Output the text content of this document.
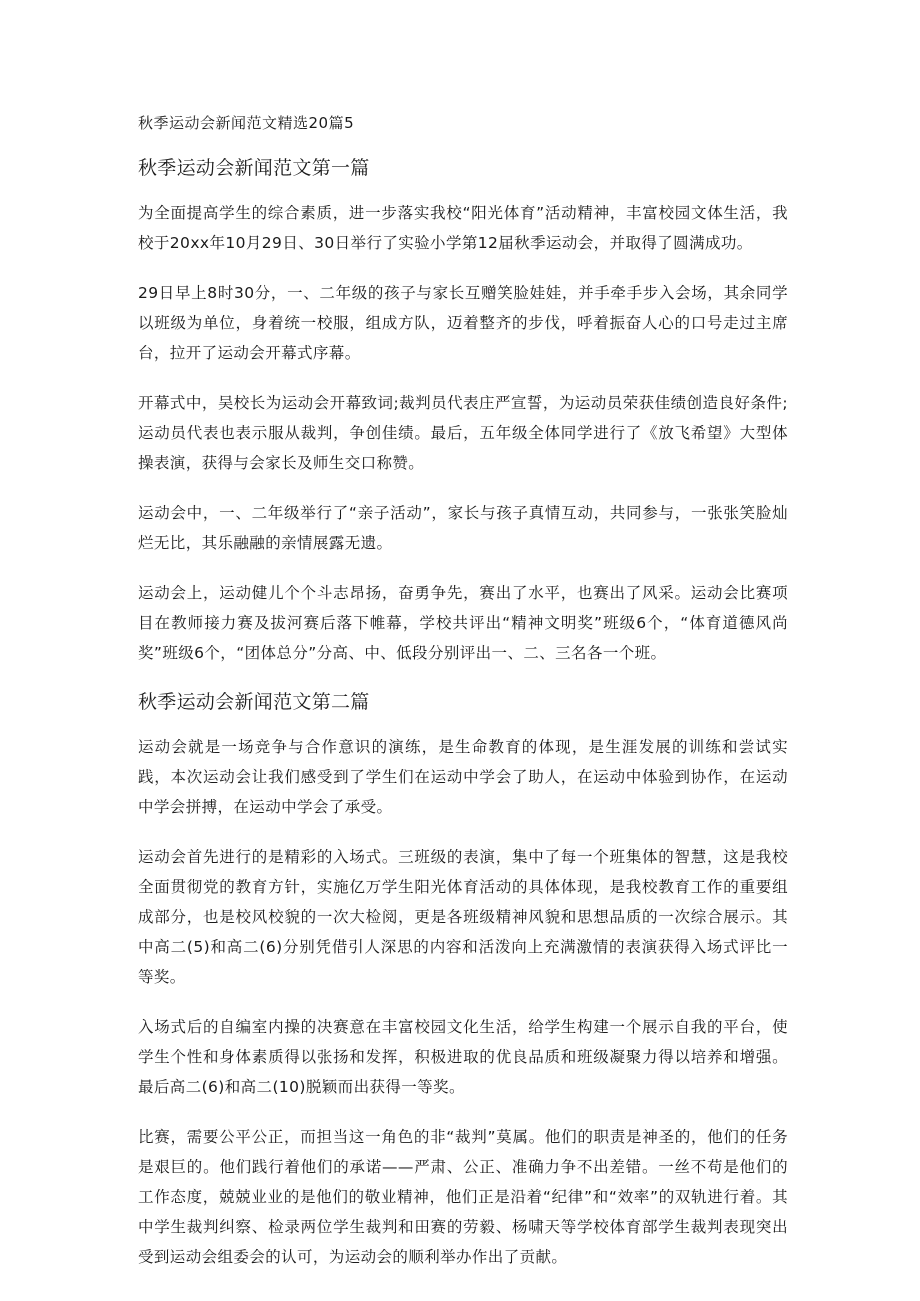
秋季运动会新闻范文精选20篇5
秋季运动会新闻范文第一篇

为全面提高学生的综合素质，进一步落实我校“阳光体育”活动精神，丰富校园文体生活，我校于20xx年10月29日、30日举行了实验小学第12届秋季运动会，并取得了圆满成功。

29日早上8时30分，一、二年级的孩子与家长互赠笑脸娃娃，并手牵手步入会场，其余同学以班级为单位，身着统一校服，组成方队，迈着整齐的步伐，呼着振奋人心的口号走过主席台，拉开了运动会开幕式序幕。

开幕式中，吴校长为运动会开幕致词;裁判员代表庄严宣誓，为运动员荣获佳绩创造良好条件;运动员代表也表示服从裁判，争创佳绩。最后，五年级全体同学进行了《放飞希望》大型体操表演，获得与会家长及师生交口称赞。

运动会中，一、二年级举行了“亲子活动”，家长与孩子真情互动，共同参与，一张张笑脸灿烂无比，其乐融融的亲情展露无遗。

运动会上，运动健儿个个斗志昂扬，奋勇争先，赛出了水平，也赛出了风采。运动会比赛项目在教师接力赛及拔河赛后落下帷幕，学校共评出“精神文明奖”班级6个，“体育道德风尚奖”班级6个，“团体总分”分高、中、低段分别评出一、二、三名各一个班。

秋季运动会新闻范文第二篇

运动会就是一场竞争与合作意识的演练，是生命教育的体现，是生涯发展的训练和尝试实践，本次运动会让我们感受到了学生们在运动中学会了助人，在运动中体验到协作，在运动中学会拼搏，在运动中学会了承受。

运动会首先进行的是精彩的入场式。三班级的表演，集中了每一个班集体的智慧，这是我校全面贯彻党的教育方针，实施亿万学生阳光体育活动的具体体现，是我校教育工作的重要组成部分，也是校风校貌的一次大检阅，更是各班级精神风貌和思想品质的一次综合展示。其中高二(5)和高二(6)分别凭借引人深思的内容和活泼向上充满激情的表演获得入场式评比一等奖。

入场式后的自编室内操的决赛意在丰富校园文化生活，给学生构建一个展示自我的平台，使学生个性和身体素质得以张扬和发挥，积极进取的优良品质和班级凝聚力得以培养和增强。最后高二(6)和高二(10)脱颖而出获得一等奖。

比赛，需要公平公正，而担当这一角色的非“裁判”莫属。他们的职责是神圣的，他们的任务是艰巨的。他们践行着他们的承诺——严肃、公正、准确力争不出差错。一丝不苟是他们的工作态度，兢兢业业的是他们的敬业精神，他们正是沿着“纪律”和“效率”的双轨进行着。其中学生裁判纠察、检录两位学生裁判和田赛的劳毅、杨啸天等学校体育部学生裁判表现突出受到运动会组委会的认可，为运动会的顺利举办作出了贡献。
